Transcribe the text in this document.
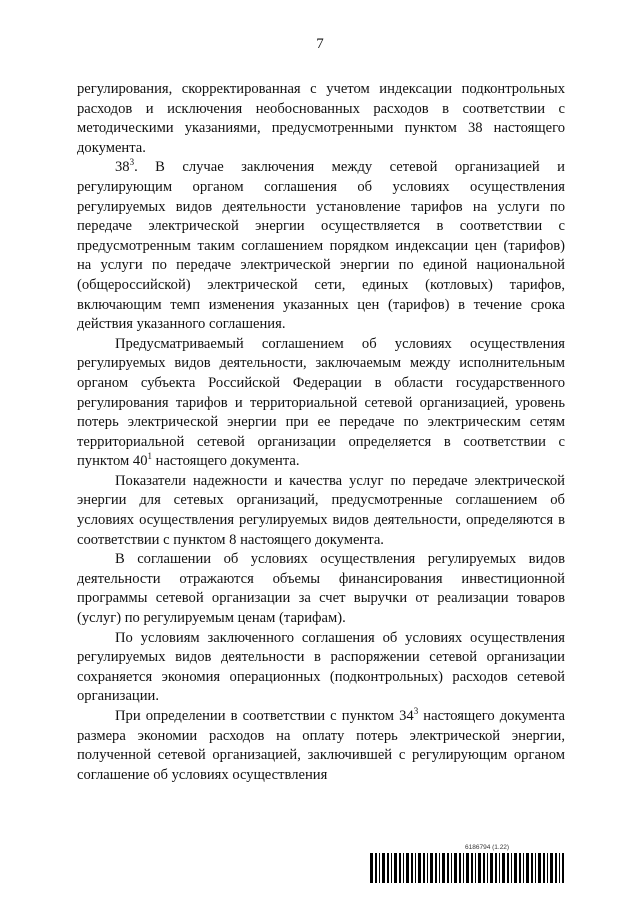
7

регулирования, скорректированная с учетом индексации подконтрольных расходов и исключения необоснованных расходов в соответствии с методическими указаниями, предусмотренными пунктом 38 настоящего документа.

$38^3$. В случае заключения между сетевой организацией и регулирующим органом соглашения об условиях осуществления регулируемых видов деятельности установление тарифов на услуги по передаче электрической энергии осуществляется в соответствии с предусмотренным таким соглашением порядком индексации цен (тарифов) на услуги по передаче электрической энергии по единой национальной (общероссийской) электрической сети, единых (котловых) тарифов, включающим темп изменения указанных цен (тарифов) в течение срока действия указанного соглашения.

Предусматриваемый соглашением об условиях осуществления регулируемых видов деятельности, заключаемым между исполнительным органом субъекта Российской Федерации в области государственного регулирования тарифов и территориальной сетевой организацией, уровень потерь электрической энергии при ее передаче по электрическим сетям территориальной сетевой организации определяется в соответствии с пунктом $40^1$ настоящего документа.

Показатели надежности и качества услуг по передаче электрической энергии для сетевых организаций, предусмотренные соглашением об условиях осуществления регулируемых видов деятельности, определяются в соответствии с пунктом 8 настоящего документа.

В соглашении об условиях осуществления регулируемых видов деятельности отражаются объемы финансирования инвестиционной программы сетевой организации за счет выручки от реализации товаров (услуг) по регулируемым ценам (тарифам).

По условиям заключенного соглашения об условиях осуществления регулируемых видов деятельности в распоряжении сетевой организации сохраняется экономия операционных (подконтрольных) расходов сетевой организации.

При определении в соответствии с пунктом $34^3$ настоящего документа размера экономии расходов на оплату потерь электрической энергии, полученной сетевой организацией, заключившей с регулирующим органом соглашение об условиях осуществления

6186794 (1.22)
